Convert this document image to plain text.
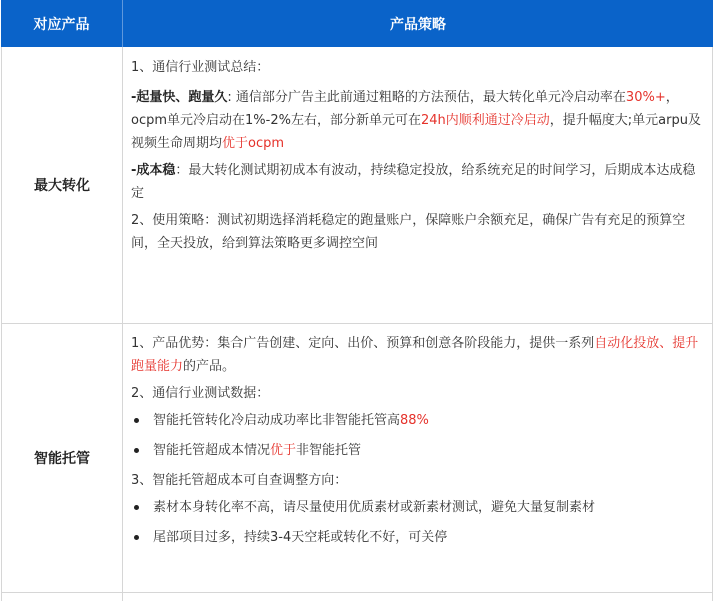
对应产品	产品策略
最大转化

1、通信行业测试总结：

-起量快、跑量久: 通信部分广告主此前通过粗略的方法预估，最大转化单元冷启动率在30%+，ocpm单元冷启动在1%-2%左右，部分新单元可在24h内顺利通过冷启动，提升幅度大;单元arpu及视频生命周期均优于ocpm

-成本稳：最大转化测试期初成本有波动，持续稳定投放，给系统充足的时间学习，后期成本达成稳定

2、使用策略：测试初期选择消耗稳定的跑量账户，保障账户余额充足，确保广告有充足的预算空间，全天投放，给到算法策略更多调控空间

智能托管

1、产品优势：集合广告创建、定向、出价、预算和创意各阶段能力，提供一系列自动化投放、提升跑量能力的产品。

2、通信行业测试数据：

智能托管转化冷启动成功率比非智能托管高88%
智能托管超成本情况优于非智能托管

3、智能托管超成本可自查调整方向：

素材本身转化率不高，请尽量使用优质素材或新素材测试，避免大量复制素材
尾部项目过多，持续3-4天空耗或转化不好，可关停
